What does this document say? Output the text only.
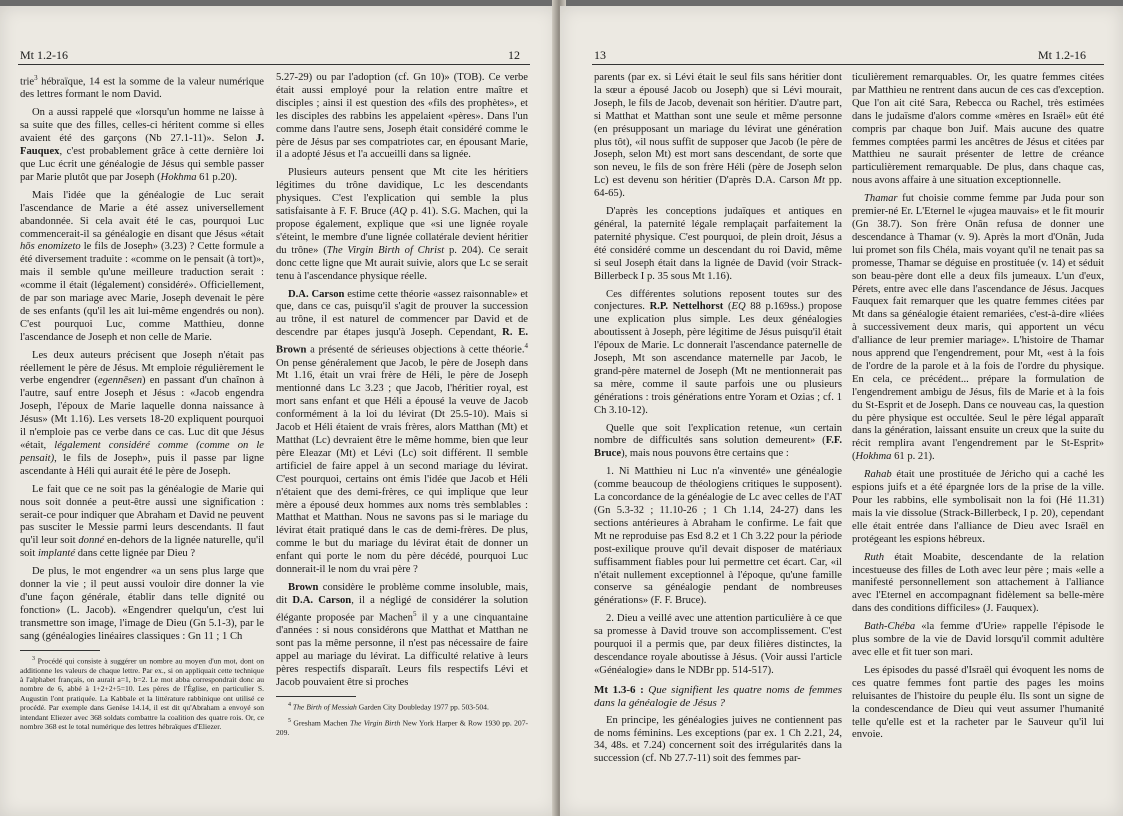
Mt 1.2-16	12

trie$^3$ hébraïque, 14 est la somme de la valeur numérique des lettres formant le nom David.

On a aussi rappelé que «lorsqu'un homme ne laisse à sa suite que des filles, celles-ci héritent comme si elles avaient été des garçons (Nb 27.1-11)». Selon J. Fauquex, c'est probablement grâce à cette dernière loi que Luc écrit une généalogie de Jésus qui semble passer par Marie plutôt que par Joseph (Hokhma 61 p.20).

Mais l'idée que la généalogie de Luc serait l'ascendance de Marie a été assez universellement abandonnée. Si cela avait été le cas, pourquoi Luc commencerait-il sa généalogie en disant que Jésus «était hōs enomizeto le fils de Joseph» (3.23) ? Cette formule a été diversement traduite : «comme on le pensait (à tort)», mais il semble qu'une meilleure traduction serait : «comme il était (légalement) considéré». Officiellement, de par son mariage avec Marie, Joseph devenait le père de ses enfants (qu'il les ait lui-même engendrés ou non). C'est pourquoi Luc, comme Matthieu, donne l'ascendance de Joseph et non celle de Marie.

Les deux auteurs précisent que Joseph n'était pas réellement le père de Jésus. Mt emploie régulièrement le verbe engendrer (egennēsen) en passant d'un chaînon à l'autre, sauf entre Joseph et Jésus : «Jacob engendra Joseph, l'époux de Marie laquelle donna naissance à Jésus» (Mt 1.16). Les versets 18-20 expliquent pourquoi il n'emploie pas ce verbe dans ce cas. Luc dit que Jésus «était, légalement considéré comme (comme on le pensait), le fils de Joseph», puis il passe par ligne ascendante à Héli qui aurait été le père de Joseph.

Le fait que ce ne soit pas la généalogie de Marie qui nous soit donnée a peut-être aussi une signification : serait-ce pour indiquer que Abraham et David ne peuvent pas susciter le Messie parmi leurs descendants. Il faut qu'il leur soit donné en-dehors de la lignée naturelle, qu'il soit implanté dans cette lignée par Dieu ?

De plus, le mot engendrer «a un sens plus large que donner la vie ; il peut aussi vouloir dire donner la vie d'une façon générale, établir dans telle dignité ou fonction» (L. Jacob). «Engendrer quelqu'un, c'est lui transmettre son image, l'image de Dieu (Gn 5.1-3), par le sang (généalogies linéaires classiques : Gn 11 ; 1 Ch

$^3$ Procédé qui consiste à suggérer un nombre au moyen d'un mot, dont on additionne les valeurs de chaque lettre. Par ex., si on appliquait cette technique à l'alphabet français, on aurait a=1, b=2. Le mot abba correspondrait donc au nombre de 6, abbé à 1+2+2+5=10. Les pères de l'Église, en particulier S. Augustin l'ont pratiquée. La Kabbale et la littérature rabbinique ont utilisé ce procédé. Par exemple dans Genèse 14.14, il est dit qu'Abraham a envoyé son intendant Eliezer avec 368 soldats combattre la coalition des quatre rois. Or, ce nombre 368 est le total numérique des lettres hébraïques d'Eliezer.

5.27-29) ou par l'adoption (cf. Gn 10)» (TOB). Ce verbe était aussi employé pour la relation entre maître et disciples ; ainsi il est question des «fils des prophètes», et les disciples des rabbins les appelaient «pères». Dans l'un comme dans l'autre sens, Joseph était considéré comme le père de Jésus par ses compatriotes car, en épousant Marie, il a adopté Jésus et l'a accueilli dans sa lignée.

Plusieurs auteurs pensent que Mt cite les héritiers légitimes du trône davidique, Lc les descendants physiques. C'est l'explication qui semble la plus satisfaisante à F. F. Bruce (AQ p. 41). S.G. Machen, qui la propose également, explique que «si une lignée royale s'éteint, le membre d'une lignée collatérale devient héritier du trône» (The Virgin Birth of Christ p. 204). Ce serait donc cette ligne que Mt aurait suivie, alors que Lc se serait tenu à l'ascendance physique réelle.

D.A. Carson estime cette théorie «assez raisonnable» et que, dans ce cas, puisqu'il s'agit de prouver la succession au trône, il est naturel de commencer par David et de descendre par étapes jusqu'à Joseph. Cependant, R. E. Brown a présenté de sérieuses objections à cette théorie.$^4$ On pense généralement que Jacob, le père de Joseph dans Mt 1.16, était un vrai frère de Héli, le père de Joseph mentionné dans Lc 3.23 ; que Jacob, l'héritier royal, est mort sans enfant et que Héli a épousé la veuve de Jacob conformément à la loi du lévirat (Dt 25.5-10). Mais si Jacob et Héli étaient de vrais frères, alors Matthan (Mt) et Matthat (Lc) devraient être le même homme, bien que leur père Eleazar (Mt) et Lévi (Lc) soit différent. Il semble artificiel de faire appel à un second mariage du lévirat. C'est pourquoi, certains ont émis l'idée que Jacob et Héli n'étaient que des demi-frères, ce qui implique que leur mère a épousé deux hommes aux noms très semblables : Matthat et Matthan. Nous ne savons pas si le mariage du lévirat était pratiqué dans le cas de demi-frères. De plus, comme le but du mariage du lévirat était de donner un enfant qui porte le nom du père décédé, pourquoi Luc donnerait-il le nom du vrai père ?

Brown considère le problème comme insoluble, mais, dit D.A. Carson, il a négligé de considérer la solution élégante proposée par Machen$^5$ il y a une cinquantaine d'années : si nous considérons que Matthat et Matthan ne sont pas la même personne, il n'est pas nécessaire de faire appel au mariage du lévirat. La difficulté relative à leurs pères respectifs disparaît. Leurs fils respectifs Lévi et Jacob pouvaient être si proches

$^4$ The Birth of Messiah Garden City Doubleday 1977 pp. 503-504.

$^5$ Gresham Machen The Virgin Birth New York Harper & Row 1930 pp. 207-209.

13	Mt 1.2-16

parents (par ex. si Lévi était le seul fils sans héritier dont la sœur a épousé Jacob ou Joseph) que si Lévi mourait, Joseph, le fils de Jacob, devenait son héritier. D'autre part, si Matthat et Matthan sont une seule et même personne (en présupposant un mariage du lévirat une génération plus tôt), «il nous suffit de supposer que Jacob (le père de Joseph, selon Mt) est mort sans descendant, de sorte que son neveu, le fils de son frère Héli (père de Joseph selon Lc) est devenu son héritier (D'après D.A. Carson Mt pp. 64-65).

D'après les conceptions judaïques et antiques en général, la paternité légale remplaçait parfaitement la paternité physique. C'est pourquoi, de plein droit, Jésus a été considéré comme un descendant du roi David, même si seul Joseph était dans la lignée de David (voir Strack-Billerbeck I p. 35 sous Mt 1.16).

Ces différentes solutions reposent toutes sur des conjectures. R.P. Nettelhorst (EQ 88 p.169ss.) propose une explication plus simple. Les deux généalogies aboutissent à Joseph, père légitime de Jésus puisqu'il était l'époux de Marie. Lc donnerait l'ascendance paternelle de Joseph, Mt son ascendance maternelle par Jacob, le grand-père maternel de Joseph (Mt ne mentionnerait pas sa mère, comme il saute parfois une ou plusieurs générations : trois générations entre Yoram et Ozias ; cf. 1 Ch 3.10-12).

Quelle que soit l'explication retenue, «un certain nombre de difficultés sans solution demeurent» (F.F. Bruce), mais nous pouvons être certains que :

1. Ni Matthieu ni Luc n'a «inventé» une généalogie (comme beaucoup de théologiens critiques le supposent). La concordance de la généalogie de Lc avec celles de l'AT (Gn 5.3-32 ; 11.10-26 ; 1 Ch 1.14, 24-27) dans les sections antérieures à Abraham le confirme. Le fait que Mt ne reproduise pas Esd 8.2 et 1 Ch 3.22 pour la période post-exilique prouve qu'il devait disposer de matériaux suffisamment fiables pour lui permettre cet écart. Car, «il n'était nullement exceptionnel à l'époque, qu'une famille conserve sa généalogie pendant de nombreuses générations» (F. F. Bruce).

2. Dieu a veillé avec une attention particulière à ce que sa promesse à David trouve son accomplissement. C'est pourquoi il a permis que, par deux filières distinctes, la descendance royale aboutisse à Jésus. (Voir aussi l'article «Généalogie» dans le NDBr pp. 514-517).

Mt 1.3-6 : Que signifient les quatre noms de femmes dans la généalogie de Jésus ?

En principe, les généalogies juives ne contiennent pas de noms féminins. Les exceptions (par ex. 1 Ch 2.21, 24, 34, 48s. et 7.24) concernent soit des irrégularités dans la succession (cf. Nb 27.7-11) soit des femmes par-

ticulièrement remarquables. Or, les quatre femmes citées par Matthieu ne rentrent dans aucun de ces cas d'exception. Que l'on ait cité Sara, Rebecca ou Rachel, très estimées dans le judaïsme d'alors comme «mères en Israël» eût été compris par chaque bon Juif. Mais aucune des quatre femmes comptées parmi les ancêtres de Jésus et citées par Matthieu ne saurait présenter de lettre de créance particulièrement remarquable. De plus, dans chaque cas, nous avons affaire à une situation exceptionnelle.

Thamar fut choisie comme femme par Juda pour son premier-né Er. L'Eternel le «jugea mauvais» et le fit mourir (Gn 38.7). Son frère Onân refusa de donner une descendance à Thamar (v. 9). Après la mort d'Onân, Juda lui promet son fils Chéla, mais voyant qu'il ne tenait pas sa promesse, Thamar se déguise en prostituée (v. 14) et séduit son beau-père dont elle a deux fils jumeaux. L'un d'eux, Pérets, entre avec elle dans l'ascendance de Jésus. Jacques Fauquex fait remarquer que les quatre femmes citées par Mt dans sa généalogie étaient remariées, c'est-à-dire «liées à successivement deux maris, qui apportent un vécu d'alliance de leur premier mariage». L'histoire de Thamar nous apprend que l'engendrement, pour Mt, «est à la fois de l'ordre de la parole et à la fois de l'ordre du physique. En cela, ce précédent... prépare la formulation de l'engendrement ambigu de Jésus, fils de Marie et à la fois du St-Esprit et de Joseph. Dans ce nouveau cas, la question du père physique est occultée. Seul le père légal apparaît dans la génération, laissant ensuite un creux que la suite du récit remplira avant l'engendrement par le St-Esprit» (Hokhma 61 p. 21).

Rahab était une prostituée de Jéricho qui a caché les espions juifs et a été épargnée lors de la prise de la ville. Pour les rabbins, elle symbolisait non la foi (Hé 11.31) mais la vie dissolue (Strack-Billerbeck, I p. 20), cependant elle était entrée dans l'alliance de Dieu avec Israël en protégeant les espions hébreux.

Ruth était Moabite, descendante de la relation incestueuse des filles de Loth avec leur père ; mais «elle a manifesté personnellement son attachement à l'alliance avec l'Eternel en accompagnant fidèlement sa belle-mère dans des conditions difficiles» (J. Fauquex).

Bath-Chéba «la femme d'Urie» rappelle l'épisode le plus sombre de la vie de David lorsqu'il commit adultère avec elle et fit tuer son mari.

Les épisodes du passé d'Israël qui évoquent les noms de ces quatre femmes font partie des pages les moins reluisantes de l'histoire du peuple élu. Ils sont un signe de la condescendance de Dieu qui veut assumer l'humanité telle qu'elle est et la racheter par le Sauveur qu'il lui envoie.
